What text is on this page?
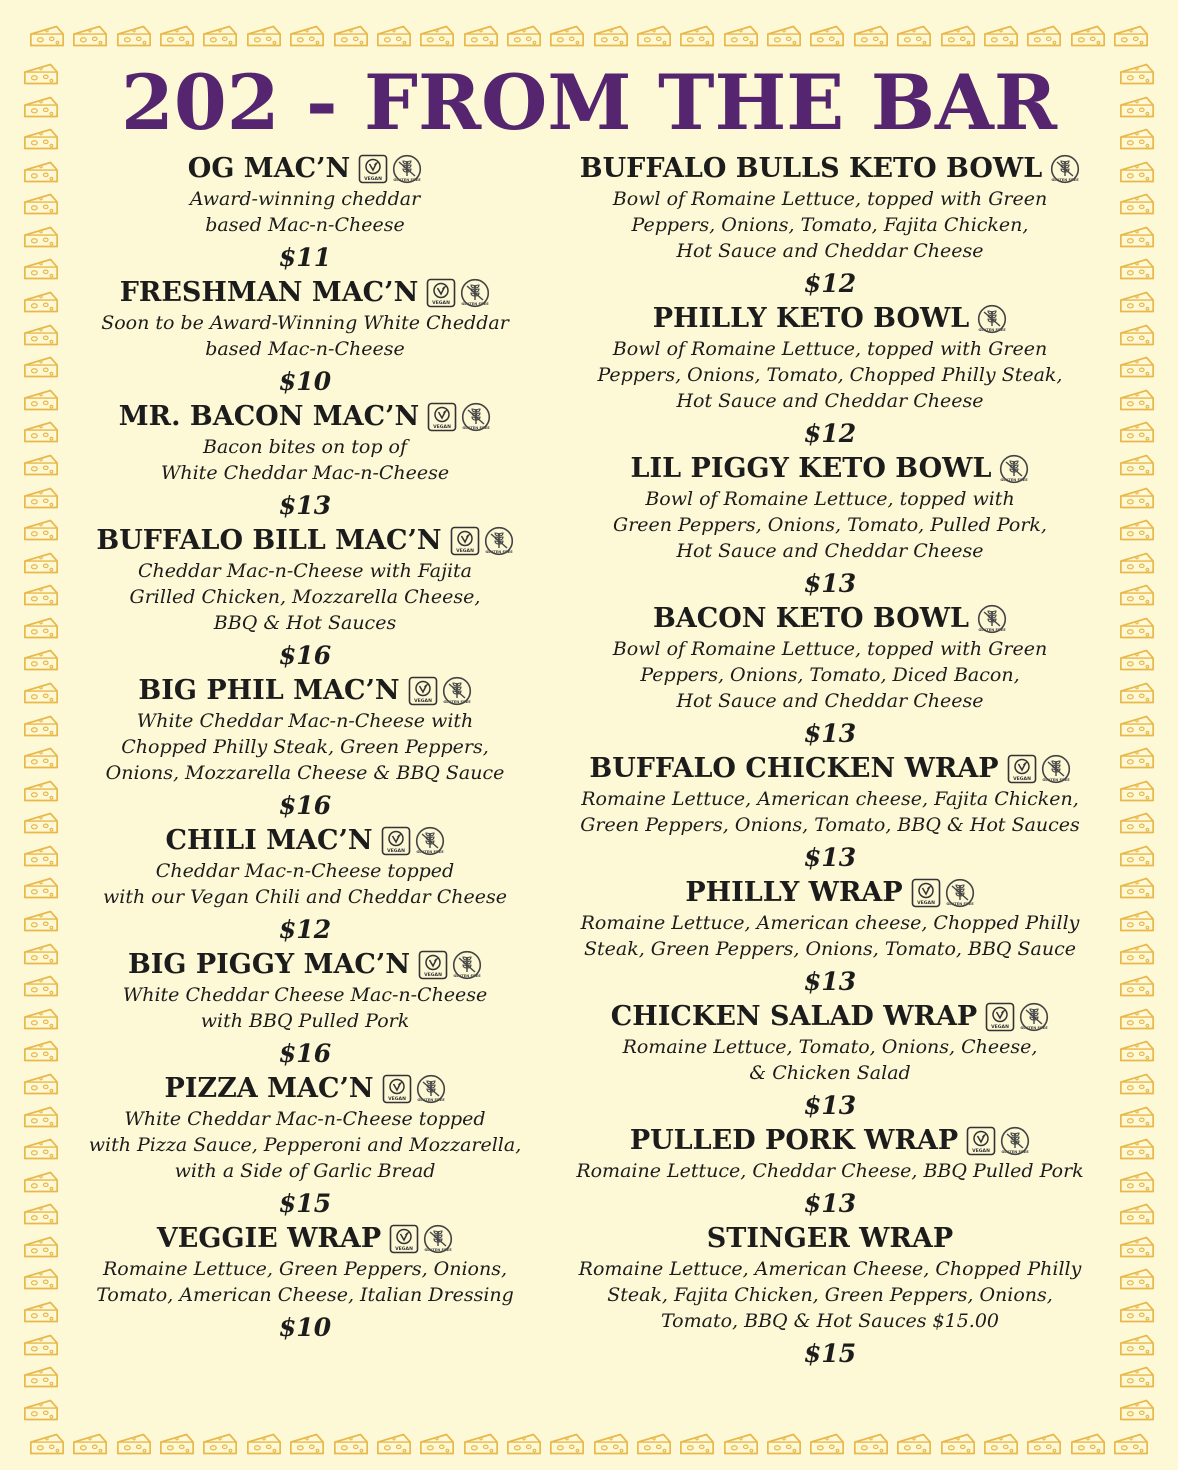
202 - FROM THE BAR
OG MAC’N	VEGAN	GLUTEN FREE
Award-winning cheddar
based Mac-n-Cheese
$11
FRESHMAN MAC’N	VEGAN	GLUTEN FREE
Soon to be Award-Winning White Cheddar
based Mac-n-Cheese
$10
MR. BACON MAC’N	VEGAN	GLUTEN FREE
Bacon bites on top of
White Cheddar Mac-n-Cheese
$13
BUFFALO BILL MAC’N	VEGAN	GLUTEN FREE
Cheddar Mac-n-Cheese with Fajita
Grilled Chicken, Mozzarella Cheese,
BBQ & Hot Sauces
$16
BIG PHIL MAC’N	VEGAN	GLUTEN FREE
White Cheddar Mac-n-Cheese with
Chopped Philly Steak, Green Peppers,
Onions, Mozzarella Cheese & BBQ Sauce
$16
CHILI MAC’N	VEGAN	GLUTEN FREE
Cheddar Mac-n-Cheese topped
with our Vegan Chili and Cheddar Cheese
$12
BIG PIGGY MAC’N	VEGAN	GLUTEN FREE
White Cheddar Cheese Mac-n-Cheese
with BBQ Pulled Pork
$16
PIZZA MAC’N	VEGAN	GLUTEN FREE
White Cheddar Mac-n-Cheese topped
with Pizza Sauce, Pepperoni and Mozzarella,
with a Side of Garlic Bread
$15
VEGGIE WRAP	VEGAN	GLUTEN FREE
Romaine Lettuce, Green Peppers, Onions,
Tomato, American Cheese, Italian Dressing
$10
BUFFALO BULLS KETO BOWL	GLUTEN FREE
Bowl of Romaine Lettuce, topped with Green
Peppers, Onions, Tomato, Fajita Chicken,
Hot Sauce and Cheddar Cheese
$12
PHILLY KETO BOWL	GLUTEN FREE
Bowl of Romaine Lettuce, topped with Green
Peppers, Onions, Tomato, Chopped Philly Steak,
Hot Sauce and Cheddar Cheese
$12
LIL PIGGY KETO BOWL	GLUTEN FREE
Bowl of Romaine Lettuce, topped with
Green Peppers, Onions, Tomato, Pulled Pork,
Hot Sauce and Cheddar Cheese
$13
BACON KETO BOWL	GLUTEN FREE
Bowl of Romaine Lettuce, topped with Green
Peppers, Onions, Tomato, Diced Bacon,
Hot Sauce and Cheddar Cheese
$13
BUFFALO CHICKEN WRAP	VEGAN	GLUTEN FREE
Romaine Lettuce, American cheese, Fajita Chicken,
Green Peppers, Onions, Tomato, BBQ & Hot Sauces
$13
PHILLY WRAP	VEGAN	GLUTEN FREE
Romaine Lettuce, American cheese, Chopped Philly
Steak, Green Peppers, Onions, Tomato, BBQ Sauce
$13
CHICKEN SALAD WRAP	VEGAN	GLUTEN FREE
Romaine Lettuce, Tomato, Onions, Cheese,
& Chicken Salad
$13
PULLED PORK WRAP	VEGAN	GLUTEN FREE
Romaine Lettuce, Cheddar Cheese, BBQ Pulled Pork
$13
STINGER WRAP
Romaine Lettuce, American Cheese, Chopped Philly
Steak, Fajita Chicken, Green Peppers, Onions,
Tomato, BBQ & Hot Sauces $15.00
$15
